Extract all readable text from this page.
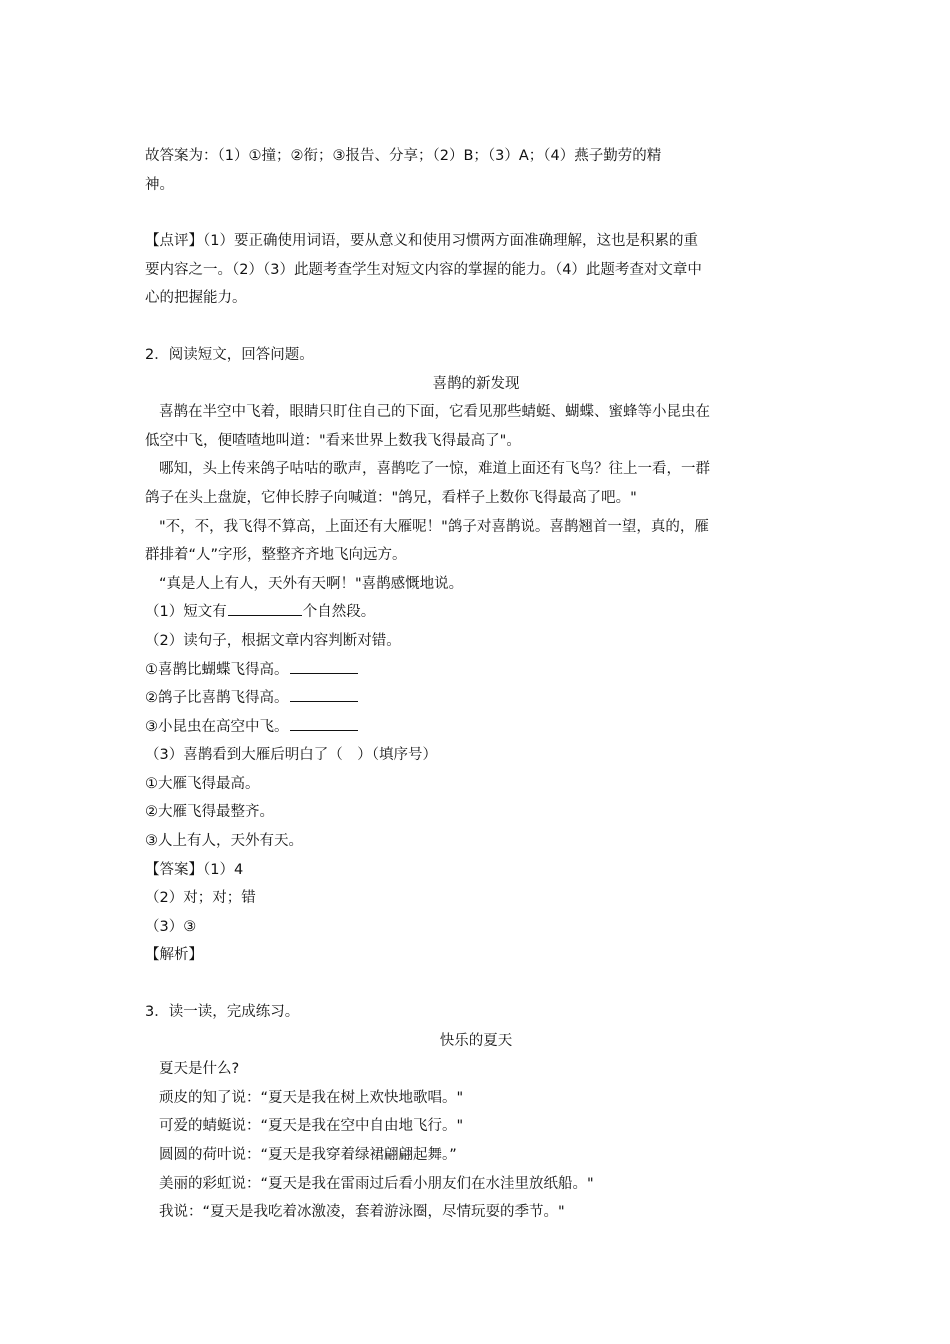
故答案为：（1）①撞；②衔；③报告、分享；（2）B；（3）A；（4）燕子勤劳的精
神。
【点评】（1）要正确使用词语，要从意义和使用习惯两方面准确理解，这也是积累的重
要内容之一。（2）（3）此题考查学生对短文内容的掌握的能力。（4）此题考查对文章中
心的把握能力。
2．阅读短文，回答问题。
喜鹊的新发现
喜鹊在半空中飞着，眼睛只盯住自己的下面，它看见那些蜻蜓、蝴蝶、蜜蜂等小昆虫在
低空中飞，便喳喳地叫道："看来世界上数我飞得最高了"。
哪知，头上传来鸽子咕咕的歌声，喜鹊吃了一惊，难道上面还有飞鸟？往上一看，一群
鸽子在头上盘旋，它伸长脖子向喊道："鸽兄，看样子上数你飞得最高了吧。"
"不，不，我飞得不算高，上面还有大雁呢！"鸽子对喜鹊说。喜鹊翘首一望，真的，雁
群排着“人”字形，整整齐齐地飞向远方。
“真是人上有人，天外有天啊！"喜鹊感慨地说。
（1）短文有	个自然段。
（2）读句子，根据文章内容判断对错。
①喜鹊比蝴蝶飞得高。
②鸽子比喜鹊飞得高。
③小昆虫在高空中飞。
（3）喜鹊看到大雁后明白了（　）（填序号）
①大雁飞得最高。
②大雁飞得最整齐。
③人上有人，天外有天。
【答案】（1）4
（2）对；对；错
（3）③
【解析】
3．读一读，完成练习。
快乐的夏天
夏天是什么?
顽皮的知了说：“夏天是我在树上欢快地歌唱。"
可爱的蜻蜓说：“夏天是我在空中自由地飞行。"
圆圆的荷叶说：“夏天是我穿着绿裙翩翩起舞。”
美丽的彩虹说：“夏天是我在雷雨过后看小朋友们在水洼里放纸船。"
我说：“夏天是我吃着冰激凌，套着游泳圈，尽情玩耍的季节。"
